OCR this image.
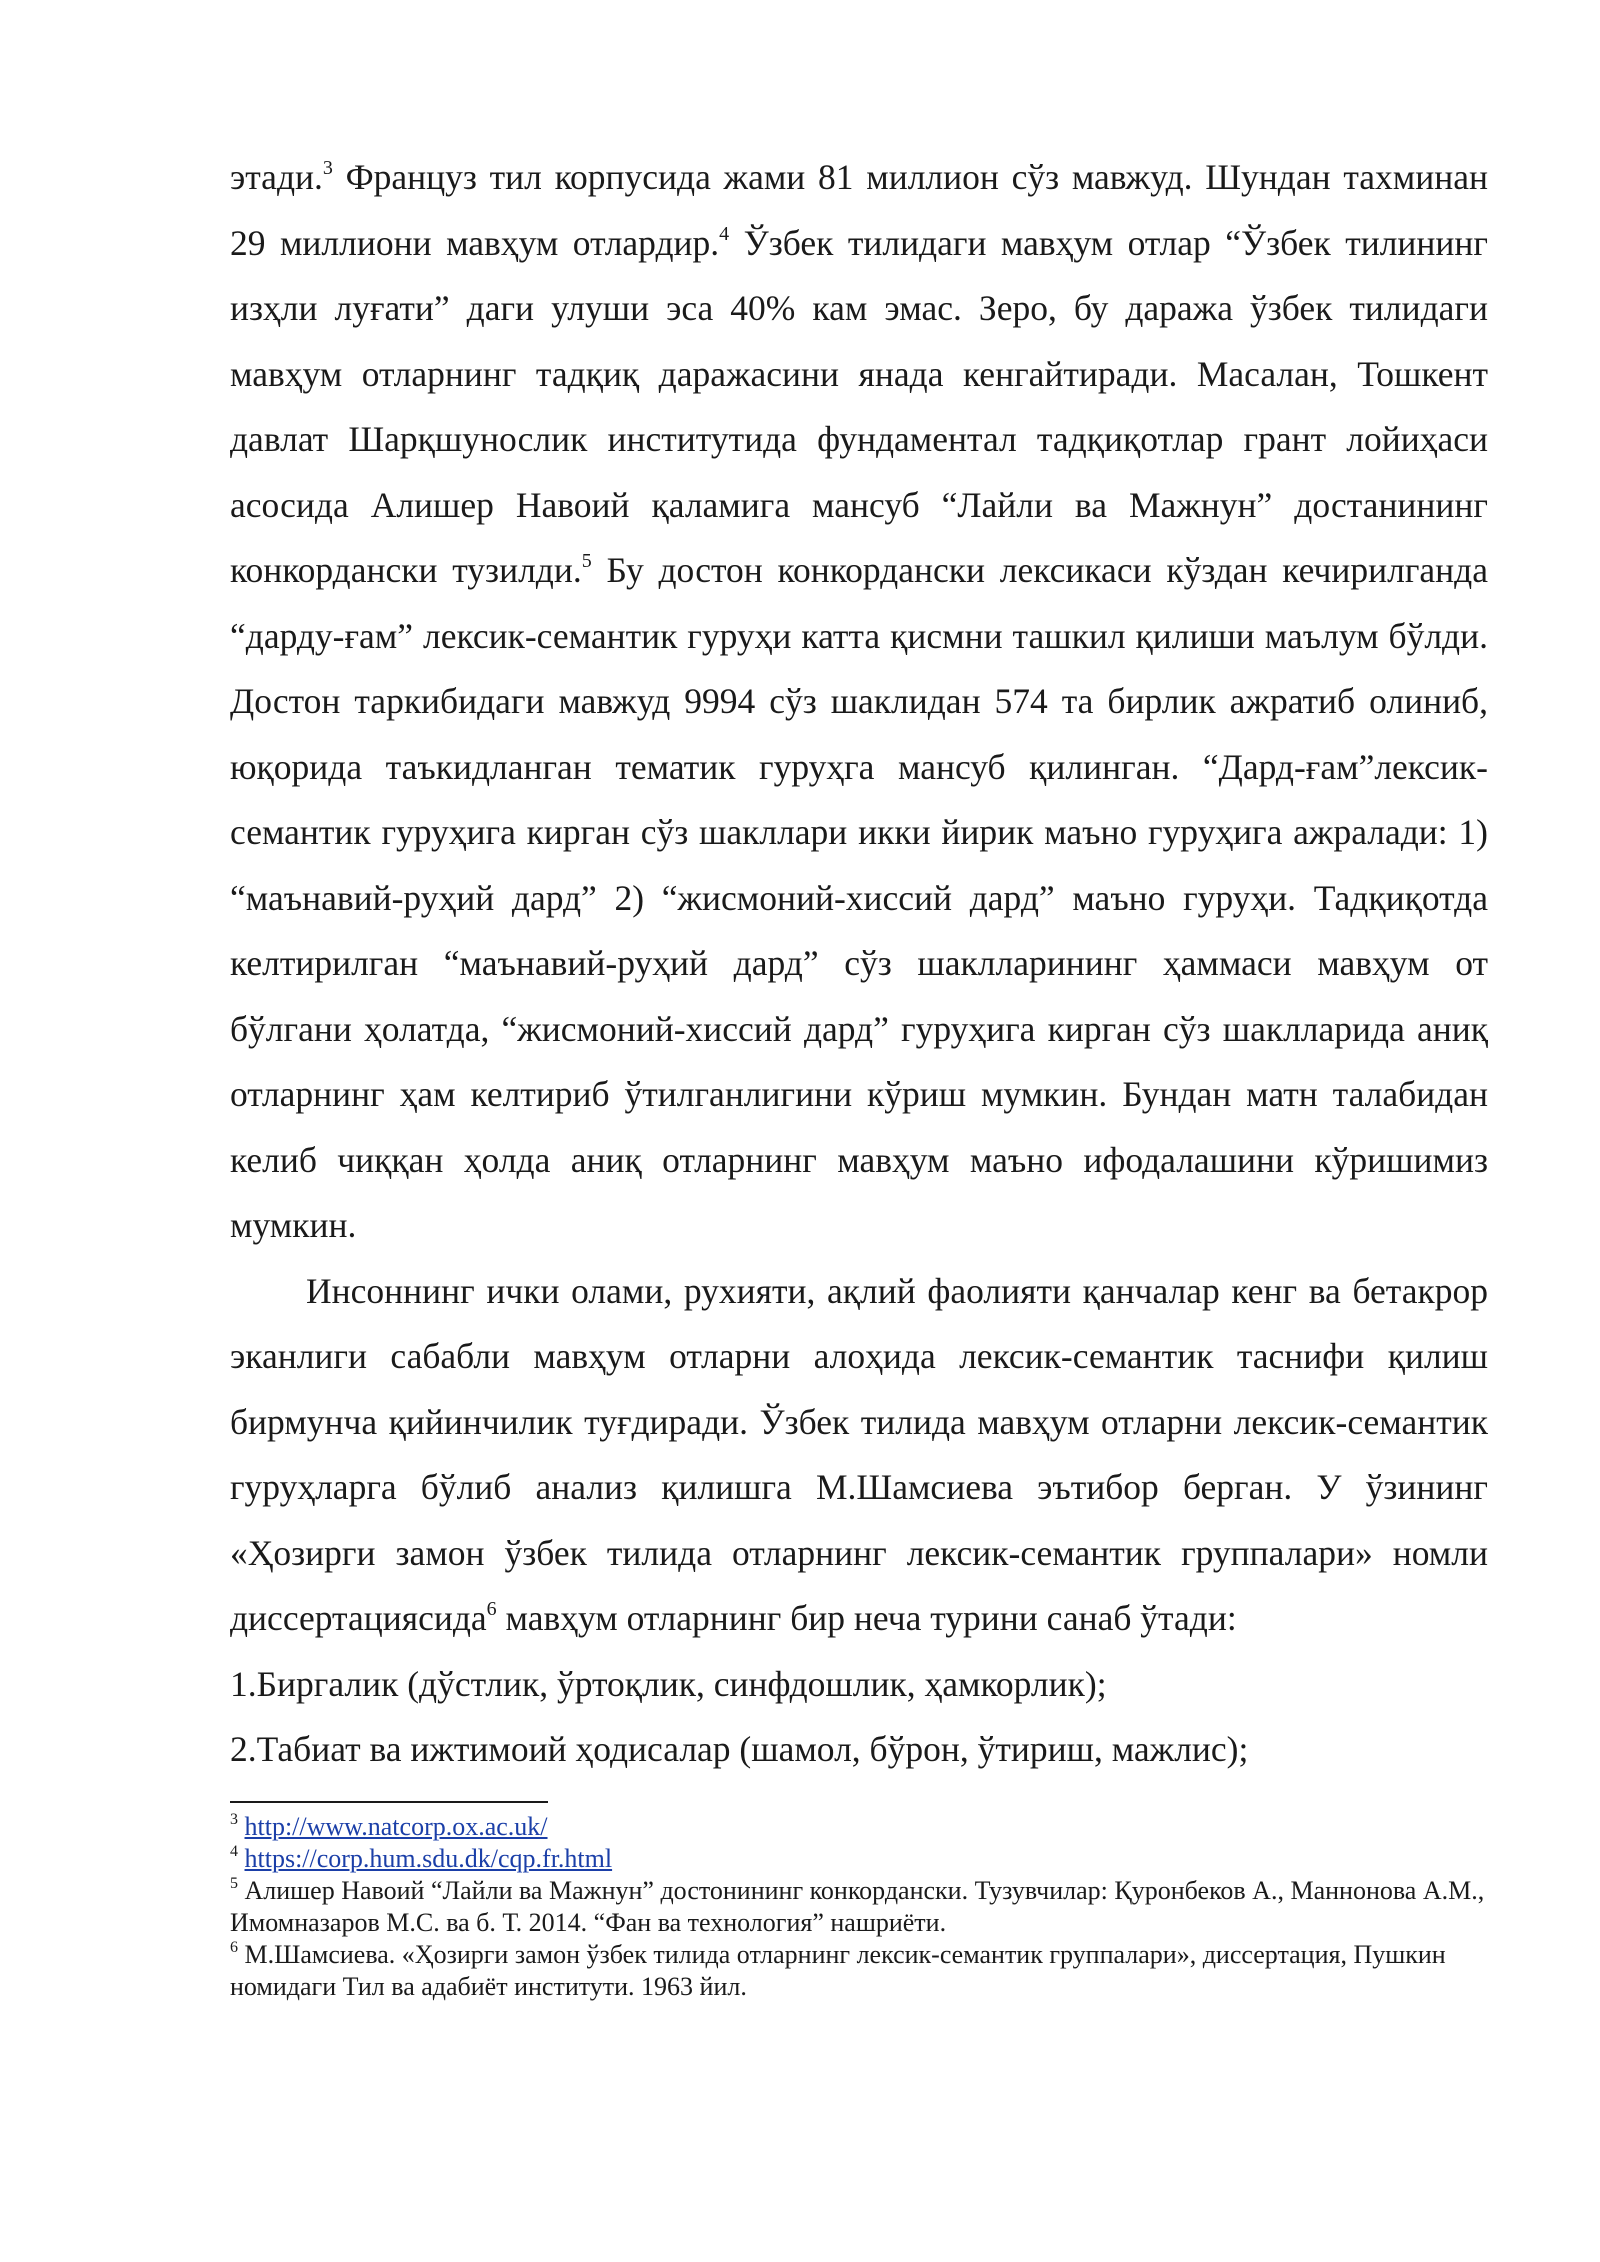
этади.$^3$ Француз тил корпусида жами 81 миллион сўз мавжуд. Шундан тахминан 29 миллиони мавҳум отлардир.$^4$ Ўзбек тилидаги мавҳум отлар “Ўзбек тилининг изҳли луғати” даги улуши эса 40% кам эмас. Зеро, бу даража ўзбек тилидаги мавҳум отларнинг тадқиқ даражасини янада кенгайтиради. Масалан, Тошкент давлат Шарқшунослик институтида фундаментал тадқиқотлар грант лойиҳаси асосида Алишер Навоий қаламига мансуб “Лайли ва Мажнун” достанининг конкордански тузилди.$^5$ Бу достон конкордански лексикаси кўздан кечирилганда “дарду-ғам” лексик-семантик гуруҳи катта қисмни ташкил қилиши маълум бўлди. Достон таркибидаги мавжуд 9994 сўз шаклидан 574 та бирлик ажратиб олиниб, юқорида таъкидланган тематик гуруҳга мансуб қилинган. “Дард-ғам”лексик-семантик гуруҳига кирган сўз шакллари икки йирик маъно гуруҳига ажралади: 1) “маънавий-руҳий дард” 2) “жисмоний-хиссий дард” маъно гуруҳи. Тадқиқотда келтирилган “маънавий-руҳий дард” сўз шаклларининг ҳаммаси мавҳум от бўлгани ҳолатда, “жисмоний-хиссий дард” гуруҳига кирган сўз шаклларида аниқ отларнинг ҳам келтириб ўтилганлигини кўриш мумкин. Бундан матн талабидан келиб чиққан ҳолда аниқ отларнинг мавҳум маъно ифодалашини кўришимиз мумкин.

Инсоннинг ички олами, рухияти, ақлий фаолияти қанчалар кенг ва бетакрор эканлиги сабабли мавҳум отларни алоҳида лексик-семантик таснифи қилиш бирмунча қийинчилик туғдиради. Ўзбек тилида мавҳум отларни лексик-семантик гуруҳларга бўлиб анализ қилишга М.Шамсиева эътибор берган. У ўзининг «Ҳозирги замон ўзбек тилида отларнинг лексик-семантик группалари» номли диссертациясида$^6$ мавҳум отларнинг бир неча турини санаб ўтади:

1.Биргалик (дўстлик, ўртоқлик, синфдошлик, ҳамкорлик);

2.Табиат ва ижтимоий ҳодисалар (шамол, бўрон, ўтириш, мажлис);

$^3$ http://www.natcorp.ox.ac.uk/

$^4$ https://corp.hum.sdu.dk/cqp.fr.html

$^5$ Алишер Навоий “Лайли ва Мажнун” достонининг конкордански. Тузувчилар: Қуронбеков А., Маннонова А.М., Имомназаров М.С. ва б. Т. 2014. “Фан ва технология” нашриёти.

$^6$ М.Шамсиева. «Ҳозирги замон ўзбек тилида отларнинг лексик-семантик группалари», диссертация, Пушкин номидаги Тил ва адабиёт институти. 1963 йил.
